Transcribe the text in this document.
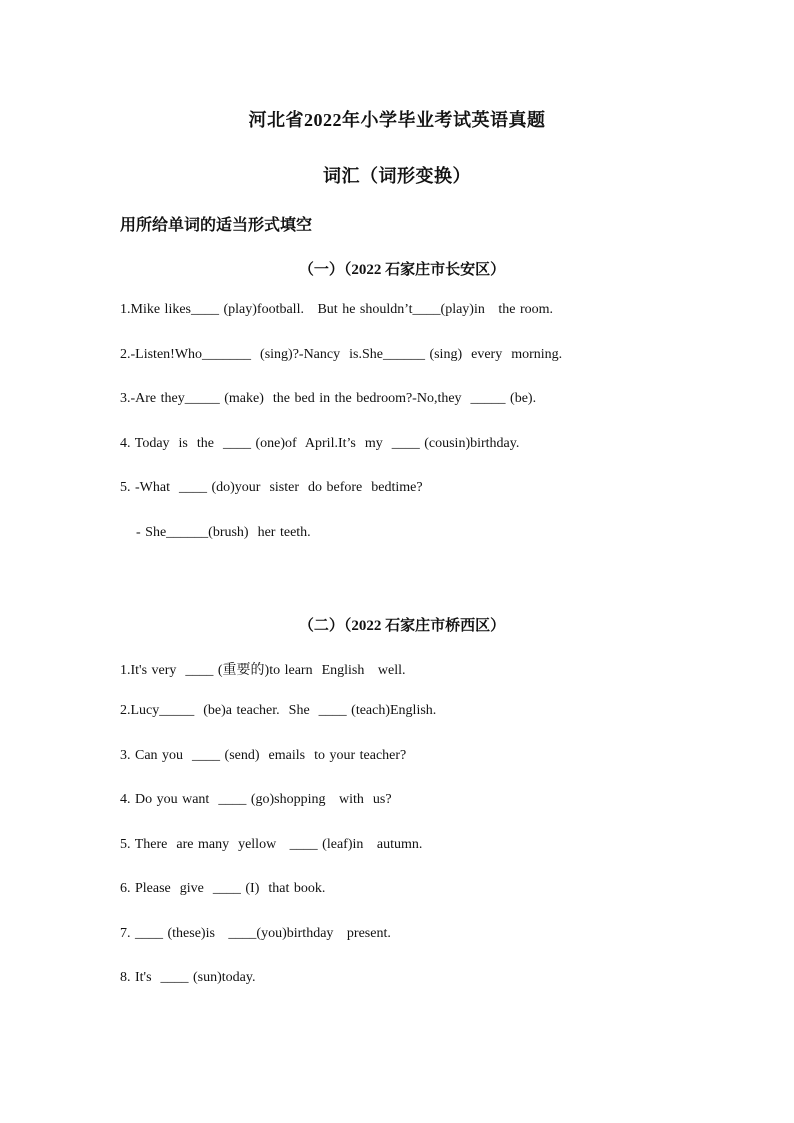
河北省2022年小学毕业考试英语真题
词汇（词形变换）
用所给单词的适当形式填空
（一）（2022 石家庄市长安区）
1.Mike likes____ (play)football.   But he shouldn’t____(play)in   the room.
2.-Listen!Who_______  (sing)?-Nancy  is.She______ (sing)  every  morning.
3.-Are they_____ (make)  the bed in the bedroom?-No,they  _____ (be).
4. Today  is  the  ____ (one)of  April.It’s  my  ____ (cousin)birthday.
5. -What  ____ (do)your  sister  do before  bedtime?
- She______(brush)  her teeth.
（二）（2022 石家庄市桥西区）
1.It's very  ____ (重要的)to learn  English   well.
2.Lucy_____  (be)a teacher.  She  ____ (teach)English.
3. Can you  ____ (send)  emails  to your teacher?
4. Do you want  ____ (go)shopping   with  us?
5. There  are many  yellow   ____ (leaf)in   autumn.
6. Please  give  ____ (I)  that book.
7. ____ (these)is   ____(you)birthday   present.
8. It's  ____ (sun)today.
